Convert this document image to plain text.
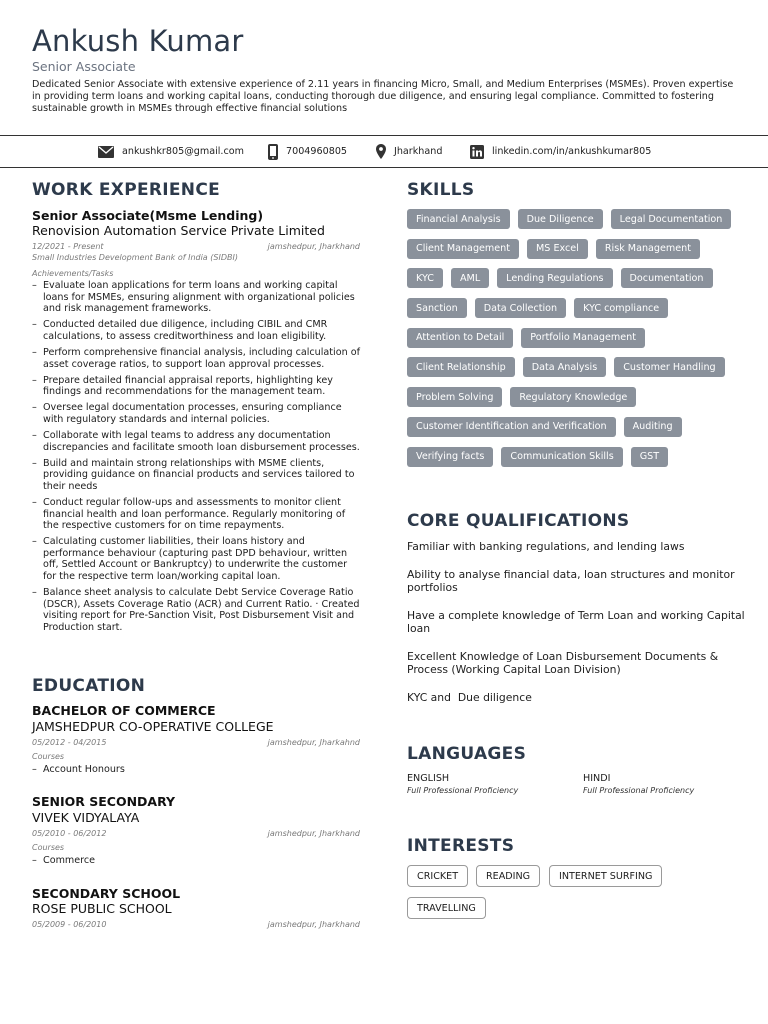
Ankush Kumar
Senior Associate
Dedicated Senior Associate with extensive experience of 2.11 years in financing Micro, Small, and Medium Enterprises (MSMEs). Proven expertise in providing term loans and working capital loans, conducting thorough due diligence, and ensuring legal compliance. Committed to fostering sustainable growth in MSMEs through effective financial solutions
ankushkr805@gmail.com	7004960805	Jharkhand	linkedin.com/in/ankushkumar805
WORK EXPERIENCE
Senior Associate(Msme Lending)
Renovision Automation Service Private Limited
12/2021 - Present	jamshedpur, Jharkhand
Small Industries Development Bank of India (SIDBI)
Achievements/Tasks
– Evaluate loan applications for term loans and working capital loans for MSMEs, ensuring alignment with organizational policies and risk management frameworks.
– Conducted detailed due diligence, including CIBIL and CMR calculations, to assess creditworthiness and loan eligibility.
– Perform comprehensive financial analysis, including calculation of asset coverage ratios, to support loan approval processes.
– Prepare detailed financial appraisal reports, highlighting key findings and recommendations for the management team.
– Oversee legal documentation processes, ensuring compliance with regulatory standards and internal policies.
– Collaborate with legal teams to address any documentation discrepancies and facilitate smooth loan disbursement processes.
– Build and maintain strong relationships with MSME clients, providing guidance on financial products and services tailored to their needs
– Conduct regular follow-ups and assessments to monitor client financial health and loan performance. Regularly monitoring of the respective customers for on time repayments.
– Calculating customer liabilities, their loans history and performance behaviour (capturing past DPD behaviour, written off, Settled Account or Bankruptcy) to underwrite the customer for the respective term loan/working capital loan.
– Balance sheet analysis to calculate Debt Service Coverage Ratio (DSCR), Assets Coverage Ratio (ACR) and Current Ratio. · Created visiting report for Pre-Sanction Visit, Post Disbursement Visit and Production start.
EDUCATION
BACHELOR OF COMMERCE
JAMSHEDPUR CO-OPERATIVE COLLEGE
05/2012 - 04/2015	jamshedpur, Jharkahnd
Courses
– Account Honours
SENIOR SECONDARY
VIVEK VIDYALAYA
05/2010 - 06/2012	jamshedpur, Jharkhand
Courses
– Commerce
SECONDARY SCHOOL
ROSE PUBLIC SCHOOL
05/2009 - 06/2010	jamshedpur, Jharkhand
SKILLS
Financial Analysis	Due Diligence	Legal Documentation
Client Management	MS Excel	Risk Management
KYC	AML	Lending Regulations	Documentation
Sanction	Data Collection	KYC compliance
Attention to Detail	Portfolio Management
Client Relationship	Data Analysis	Customer Handling
Problem Solving	Regulatory Knowledge
Customer Identification and Verification	Auditing
Verifying facts	Communication Skills	GST
CORE QUALIFICATIONS
Familiar with banking regulations, and lending laws
Ability to analyse financial data, loan structures and monitor portfolios
Have a complete knowledge of Term Loan and working Capital loan
Excellent Knowledge of Loan Disbursement Documents & Process (Working Capital Loan Division)
KYC and  Due diligence
LANGUAGES
ENGLISH
Full Professional Proficiency
HINDI
Full Professional Proficiency
INTERESTS
CRICKET	READING	INTERNET SURFING
TRAVELLING
